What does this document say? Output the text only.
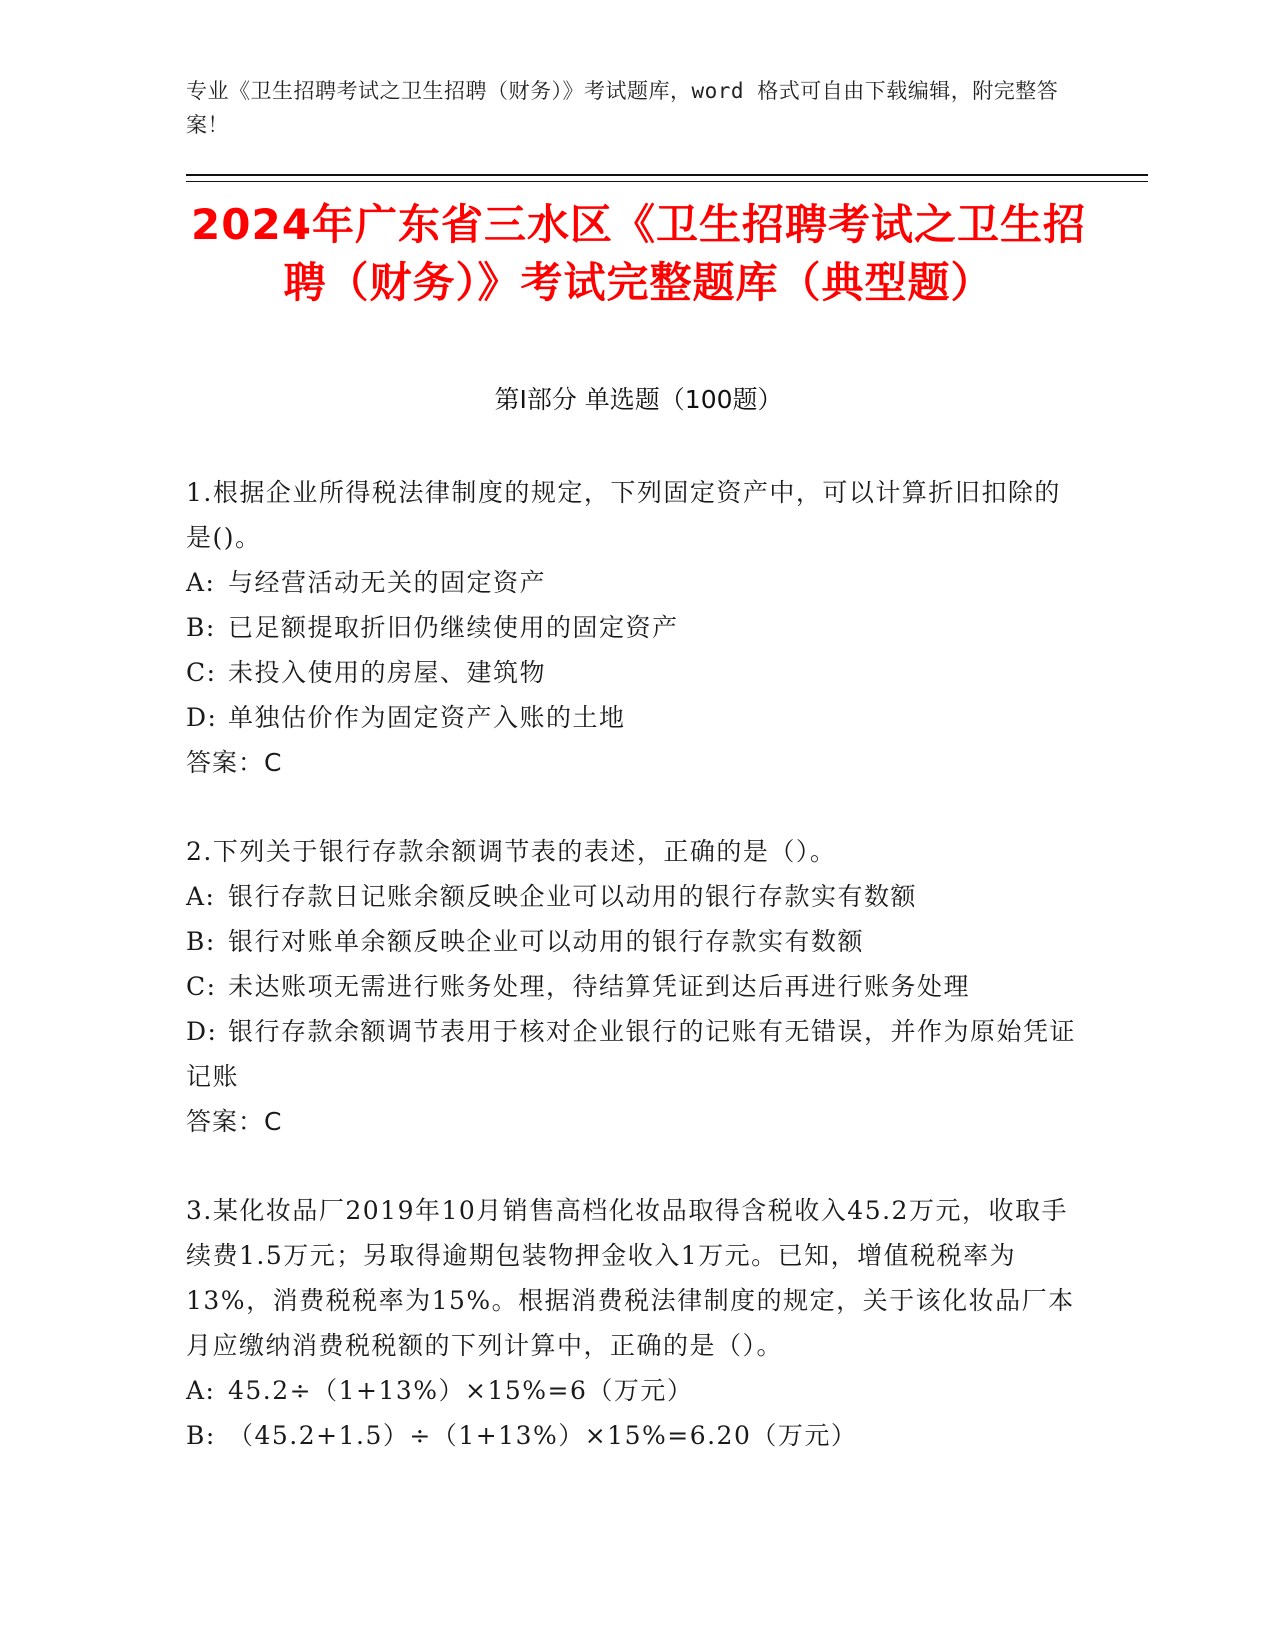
专业《卫生招聘考试之卫生招聘（财务）》考试题库，word 格式可自由下载编辑，附完整答案！
2024年广东省三水区《卫生招聘考试之卫生招聘（财务）》考试完整题库（典型题）
第Ⅰ部分 单选题（100题）

1.根据企业所得税法律制度的规定，下列固定资产中，可以计算折旧扣除的是()。

A: 与经营活动无关的固定资产

B: 已足额提取折旧仍继续使用的固定资产

C: 未投入使用的房屋、建筑物

D: 单独估价作为固定资产入账的土地

答案：C

2.下列关于银行存款余额调节表的表述，正确的是（）。

A: 银行存款日记账余额反映企业可以动用的银行存款实有数额

B: 银行对账单余额反映企业可以动用的银行存款实有数额

C: 未达账项无需进行账务处理，待结算凭证到达后再进行账务处理

D: 银行存款余额调节表用于核对企业银行的记账有无错误，并作为原始凭证记账

答案：C

3.某化妆品厂2019年10月销售高档化妆品取得含税收入45.2万元，收取手续费1.5万元；另取得逾期包装物押金收入1万元。已知，增值税税率为13%，消费税税率为15%。根据消费税法律制度的规定，关于该化妆品厂本月应缴纳消费税税额的下列计算中，正确的是（）。

A: 45.2÷（1+13%）×15%=6（万元）

B: （45.2+1.5）÷（1+13%）×15%=6.20（万元）
